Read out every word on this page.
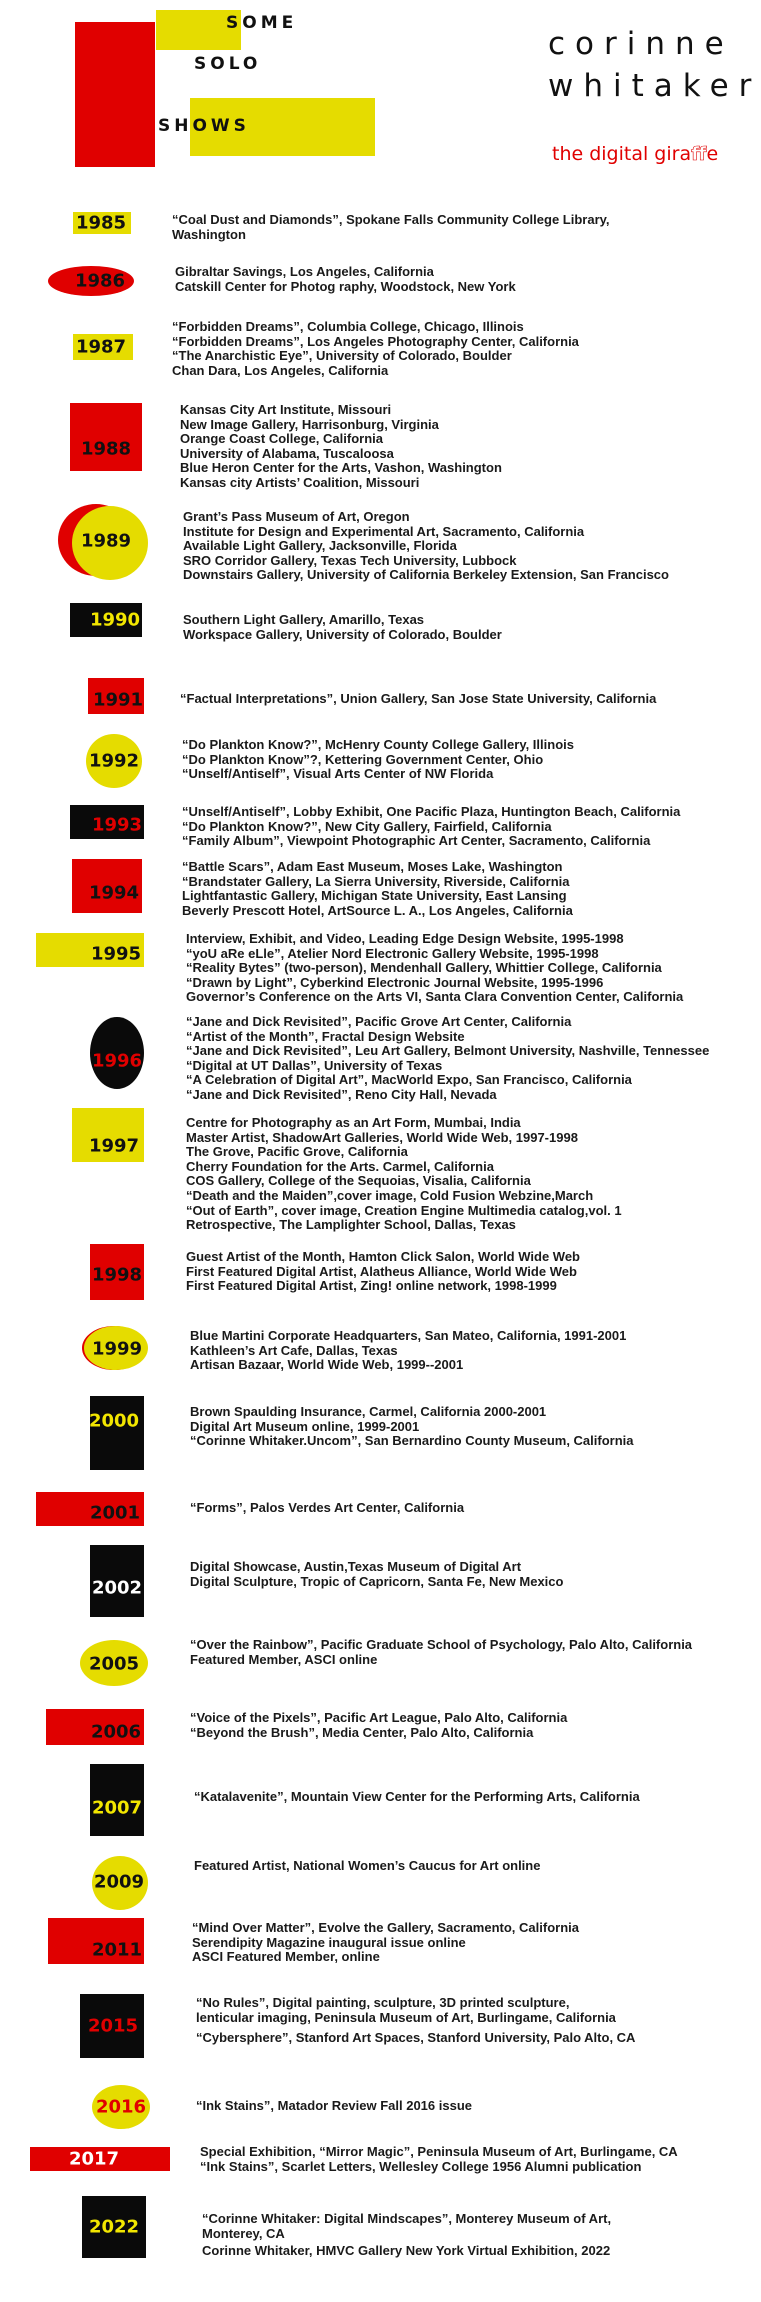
SOME
SOLO
SHOWS
corinne
whitaker
the digital giraffe
1985	“Coal Dust and Diamonds”, Spokane Falls Community College Library,
Washington
1986	Gibraltar Savings, Los Angeles, California
Catskill Center for Photog raphy, Woodstock, New York
1987
“Forbidden Dreams”, Columbia College, Chicago, Illinois
“Forbidden Dreams”, Los Angeles Photography Center, California
“The Anarchistic Eye”, University of Colorado, Boulder
Chan Dara, Los Angeles, California
1988
Kansas City Art Institute, Missouri
New Image Gallery, Harrisonburg, Virginia
Orange Coast College, California
University of Alabama, Tuscaloosa
Blue Heron Center for the Arts, Vashon, Washington
Kansas city Artists’ Coalition, Missouri
1989
Grant’s Pass Museum of Art, Oregon
Institute for Design and Experimental Art, Sacramento, California
Available Light Gallery, Jacksonville, Florida
SRO Corridor Gallery, Texas Tech University, Lubbock
Downstairs Gallery, University of California Berkeley Extension, San Francisco
1990	Southern Light Gallery, Amarillo, Texas
Workspace Gallery, University of Colorado, Boulder
1991	“Factual Interpretations”, Union Gallery, San Jose State University, California
1992
“Do Plankton Know?”, McHenry County College Gallery, Illinois
“Do Plankton Know”?, Kettering Government Center, Ohio
“Unself/Antiself”, Visual Arts Center of NW Florida
1993
“Unself/Antiself”, Lobby Exhibit, One Pacific Plaza, Huntington Beach, California
“Do Plankton Know?”, New City Gallery, Fairfield, California
“Family Album”, Viewpoint Photographic Art Center, Sacramento, California
1994
“Battle Scars”, Adam East Museum, Moses Lake, Washington
“Brandstater Gallery, La Sierra University, Riverside, California
Lightfantastic Gallery, Michigan State University, East Lansing
Beverly Prescott Hotel, ArtSource L. A., Los Angeles, California
1995
Interview, Exhibit, and Video, Leading Edge Design Website, 1995-1998
“yoU aRe eLle”, Atelier Nord Electronic Gallery Website, 1995-1998
“Reality Bytes” (two-person), Mendenhall Gallery, Whittier College, California
“Drawn by Light”, Cyberkind Electronic Journal Website, 1995-1996
Governor’s Conference on the Arts VI, Santa Clara Convention Center, California
1996
“Jane and Dick Revisited”, Pacific Grove Art Center, California
“Artist of the Month”, Fractal Design Website
“Jane and Dick Revisited”, Leu Art Gallery, Belmont University, Nashville, Tennessee
“Digital at UT Dallas”, University of Texas
“A Celebration of Digital Art”, MacWorld Expo, San Francisco, California
“Jane and Dick Revisited”, Reno City Hall, Nevada
1997
Centre for Photography as an Art Form, Mumbai, India
Master Artist, ShadowArt Galleries, World Wide Web, 1997-1998
The Grove, Pacific Grove, California
Cherry Foundation for the Arts. Carmel, California
COS Gallery, College of the Sequoias, Visalia, California
“Death and the Maiden”,cover image, Cold Fusion Webzine,March
“Out of Earth”, cover image, Creation Engine Multimedia catalog,vol. 1
Retrospective, The Lamplighter School, Dallas, Texas
1998
Guest Artist of the Month, Hamton Click Salon, World Wide Web
First Featured Digital Artist, Alatheus Alliance, World Wide Web
First Featured Digital Artist, Zing! online network, 1998-1999
1999
Blue Martini Corporate Headquarters, San Mateo, California, 1991-2001
Kathleen’s Art Cafe, Dallas, Texas
Artisan Bazaar, World Wide Web, 1999--2001
2000	Brown Spaulding Insurance, Carmel, California 2000-2001
Digital Art Museum online, 1999-2001
“Corinne Whitaker.Uncom”, San Bernardino County Museum, California
2001	“Forms”, Palos Verdes Art Center, California
2002
Digital Showcase, Austin,Texas Museum of Digital Art
Digital Sculpture, Tropic of Capricorn, Santa Fe, New Mexico
2005
“Over the Rainbow”, Pacific Graduate School of Psychology, Palo Alto, California
Featured Member, ASCI online
2006
“Voice of the Pixels”, Pacific Art League, Palo Alto, California
“Beyond the Brush”, Media Center, Palo Alto, California
2007
“Katalavenite”, Mountain View Center for the Performing Arts, California
2009
Featured Artist, National Women’s Caucus for Art online
2011
“Mind Over Matter”, Evolve the Gallery, Sacramento, California
Serendipity Magazine inaugural issue online
ASCI Featured Member, online
2015
“No Rules”, Digital painting, sculpture, 3D printed sculpture,
lenticular imaging, Peninsula Museum of Art, Burlingame, California
“Cybersphere”, Stanford Art Spaces, Stanford University, Palo Alto, CA
2016	“Ink Stains”, Matador Review Fall 2016 issue
2017	Special Exhibition, “Mirror Magic”, Peninsula Museum of Art, Burlingame, CA
“Ink Stains”, Scarlet Letters, Wellesley College 1956 Alumni publication
2022	“Corinne Whitaker: Digital Mindscapes”, Monterey Museum of Art,
Monterey, CA
Corinne Whitaker, HMVC Gallery New York Virtual Exhibition, 2022
